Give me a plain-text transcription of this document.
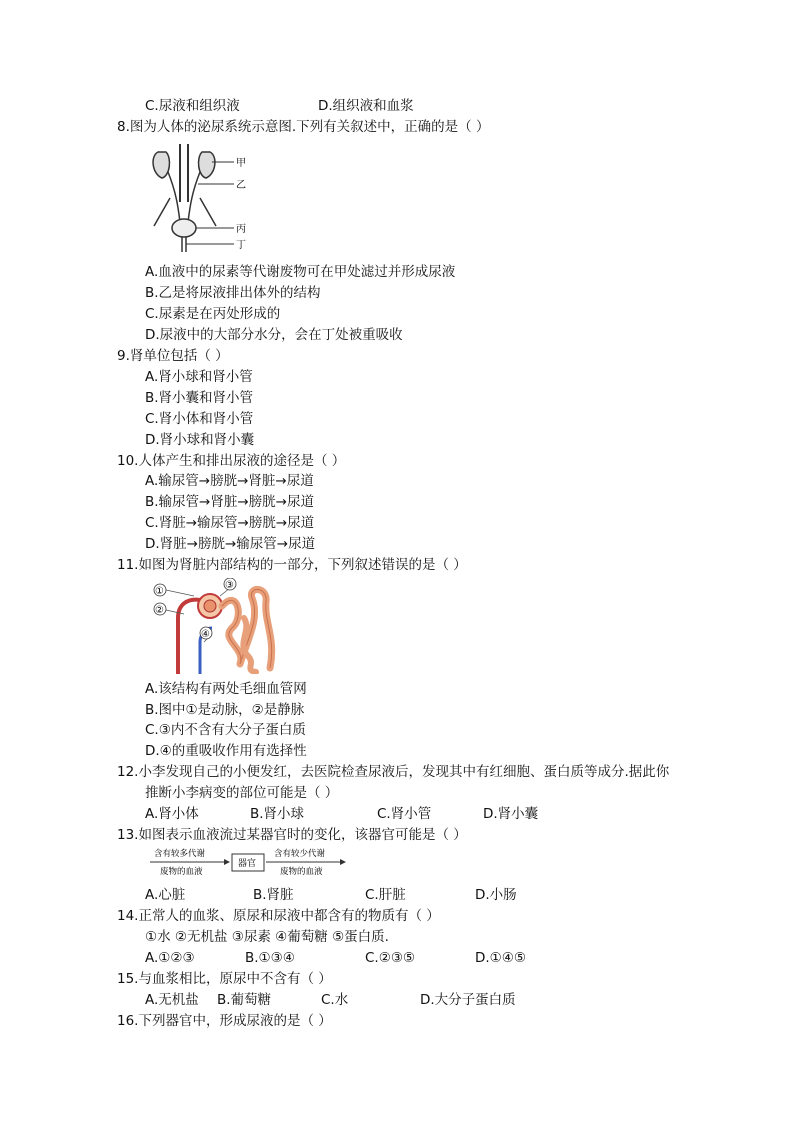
C.尿液和组织液	D.组织液和血浆
8.图为人体的泌尿系统示意图.下列有关叙述中，正确的是（ ）
甲
乙
丙
丁
A.血液中的尿素等代谢废物可在甲处滤过并形成尿液
B.乙是将尿液排出体外的结构
C.尿素是在丙处形成的
D.尿液中的大部分水分，会在丁处被重吸收
9.肾单位包括（ ）
A.肾小球和肾小管
B.肾小囊和肾小管
C.肾小体和肾小管
D.肾小球和肾小囊
10.人体产生和排出尿液的途径是（ ）
A.输尿管→膀胱→肾脏→尿道
B.输尿管→肾脏→膀胱→尿道
C.肾脏→输尿管→膀胱→尿道
D.肾脏→膀胱→输尿管→尿道
11.如图为肾脏内部结构的一部分，下列叙述错误的是（ ）
①
②
③
④
A.该结构有两处毛细血管网
B.图中①是动脉，②是静脉
C.③内不含有大分子蛋白质
D.④的重吸收作用有选择性
12.小李发现自己的小便发红，去医院检查尿液后，发现其中有红细胞、蛋白质等成分.据此你
推断小李病变的部位可能是（ ）
A.肾小体	B.肾小球	C.肾小管	D.肾小囊
13.如图表示血液流过某器官时的变化，该器官可能是（ ）
含有较多代谢
废物的血液
器官
含有较少代谢
废物的血液
A.心脏	B.肾脏	C.肝脏	D.小肠
14.正常人的血浆、原尿和尿液中都含有的物质有（ ）
①水 ②无机盐 ③尿素 ④葡萄糖 ⑤蛋白质.
A.①②③	B.①③④	C.②③⑤	D.①④⑤
15.与血浆相比，原尿中不含有（ ）
A.无机盐 B.葡萄糖	C.水	D.大分子蛋白质
16.下列器官中，形成尿液的是（ ）
